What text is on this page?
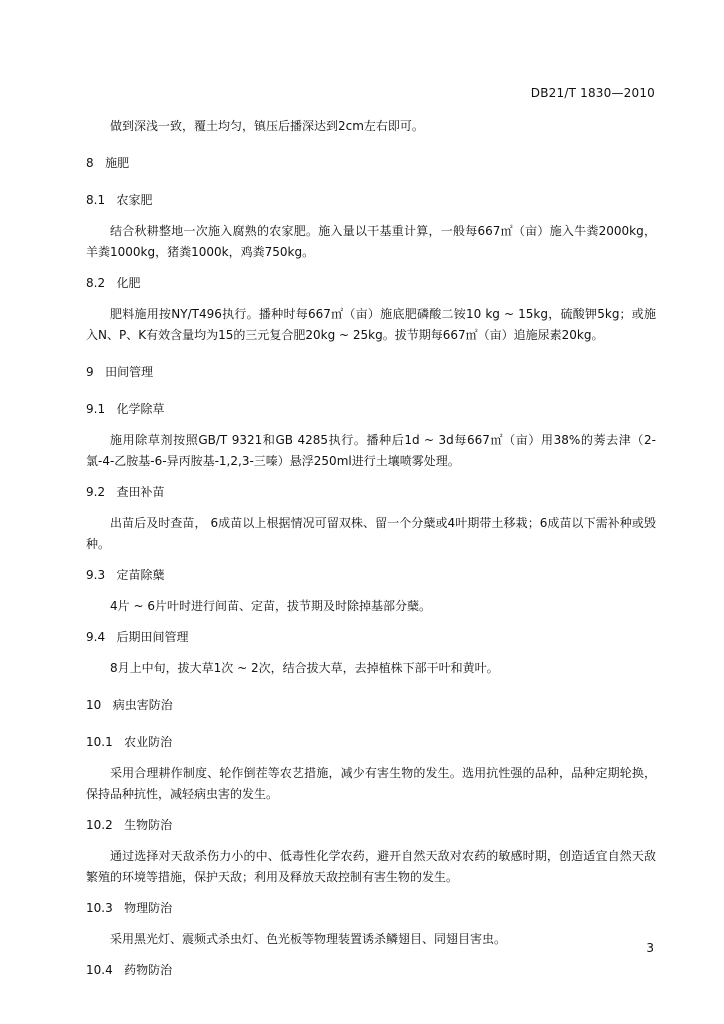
DB21/T 1830—2010

做到深浅一致，覆土均匀，镇压后播深达到2cm左右即可。

8 施肥
8.1 农家肥

结合秋耕整地一次施入腐熟的农家肥。施入量以干基重计算，一般每667㎡（亩）施入牛粪2000kg，羊粪1000kg，猪粪1000k，鸡粪750kg。

8.2 化肥

肥料施用按NY/T496执行。播种时每667㎡（亩）施底肥磷酸二铵10 kg ~ 15kg，硫酸钾5kg；或施入N、P、K有效含量均为15的三元复合肥20kg ~ 25kg。拔节期每667㎡（亩）追施尿素20kg。

9 田间管理
9.1 化学除草

施用除草剂按照GB/T 9321和GB 4285执行。播种后1d ~ 3d每667㎡（亩）用38%的莠去津（2-氯-4-乙胺基-6-异丙胺基-1,2,3-三嗪）悬浮250ml进行土壤喷雾处理。

9.2 查田补苗

出苗后及时查苗， 6成苗以上根据情况可留双株、留一个分蘖或4叶期带土移栽；6成苗以下需补种或毁种。

9.3 定苗除蘖

4片 ~ 6片叶时进行间苗、定苗，拔节期及时除掉基部分蘖。

9.4 后期田间管理

8月上中旬，拔大草1次 ~ 2次，结合拔大草，去掉植株下部干叶和黄叶。

10 病虫害防治
10.1 农业防治

采用合理耕作制度、轮作倒茬等农艺措施，减少有害生物的发生。选用抗性强的品种，品种定期轮换，保持品种抗性，减轻病虫害的发生。

10.2 生物防治

通过选择对天敌杀伤力小的中、低毒性化学农药，避开自然天敌对农药的敏感时期，创造适宜自然天敌繁殖的环境等措施，保护天敌；利用及释放天敌控制有害生物的发生。

10.3 物理防治

采用黑光灯、震频式杀虫灯、色光板等物理装置诱杀鳞翅目、同翅目害虫。

10.4 药物防治
3
